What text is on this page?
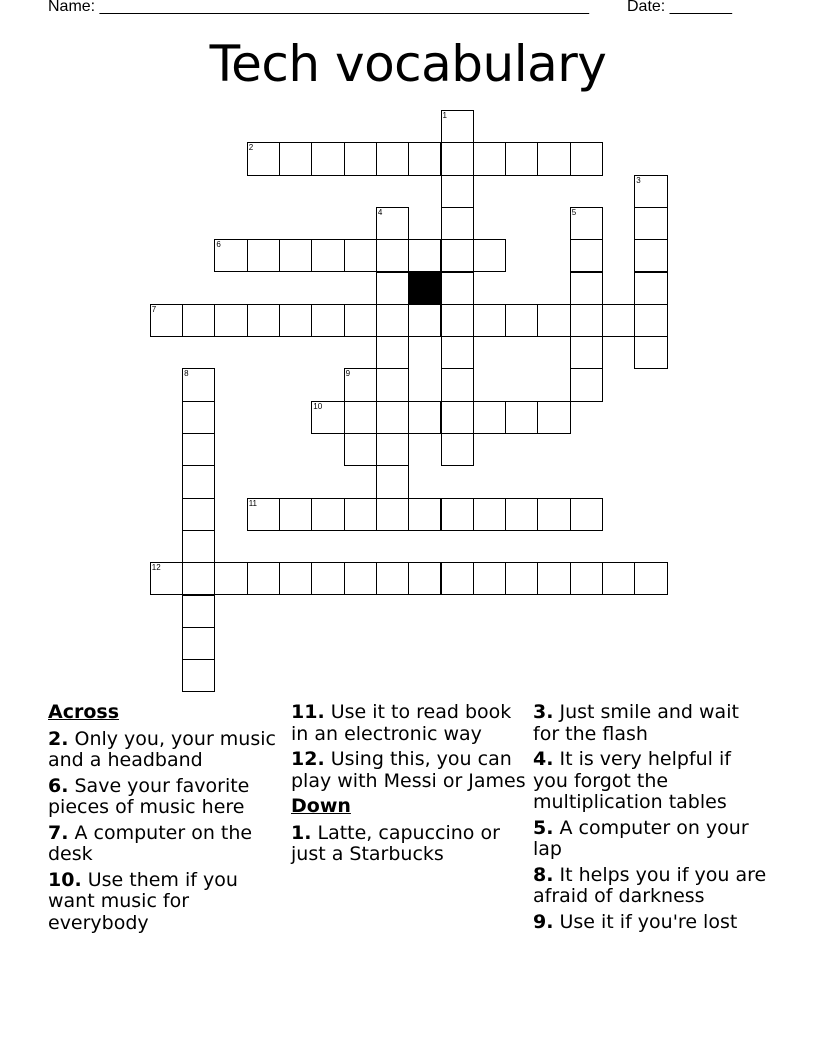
Name: _______________________________________________________ Date: _______
Tech vocabulary
1
2
3
4	5
6
7
8	9
10
11
12
Across
2. Only you, your music and a headband
6. Save your favorite pieces of music here
7. A computer on the desk
10. Use them if you want music for everybody
11. Use it to read book in an electronic way
12. Using this, you can play with Messi or James
Down
1. Latte, capuccino or just a Starbucks
3. Just smile and wait for the flash
4. It is very helpful if you forgot the multiplication tables
5. A computer on your lap
8. It helps you if you are afraid of darkness
9. Use it if you're lost
